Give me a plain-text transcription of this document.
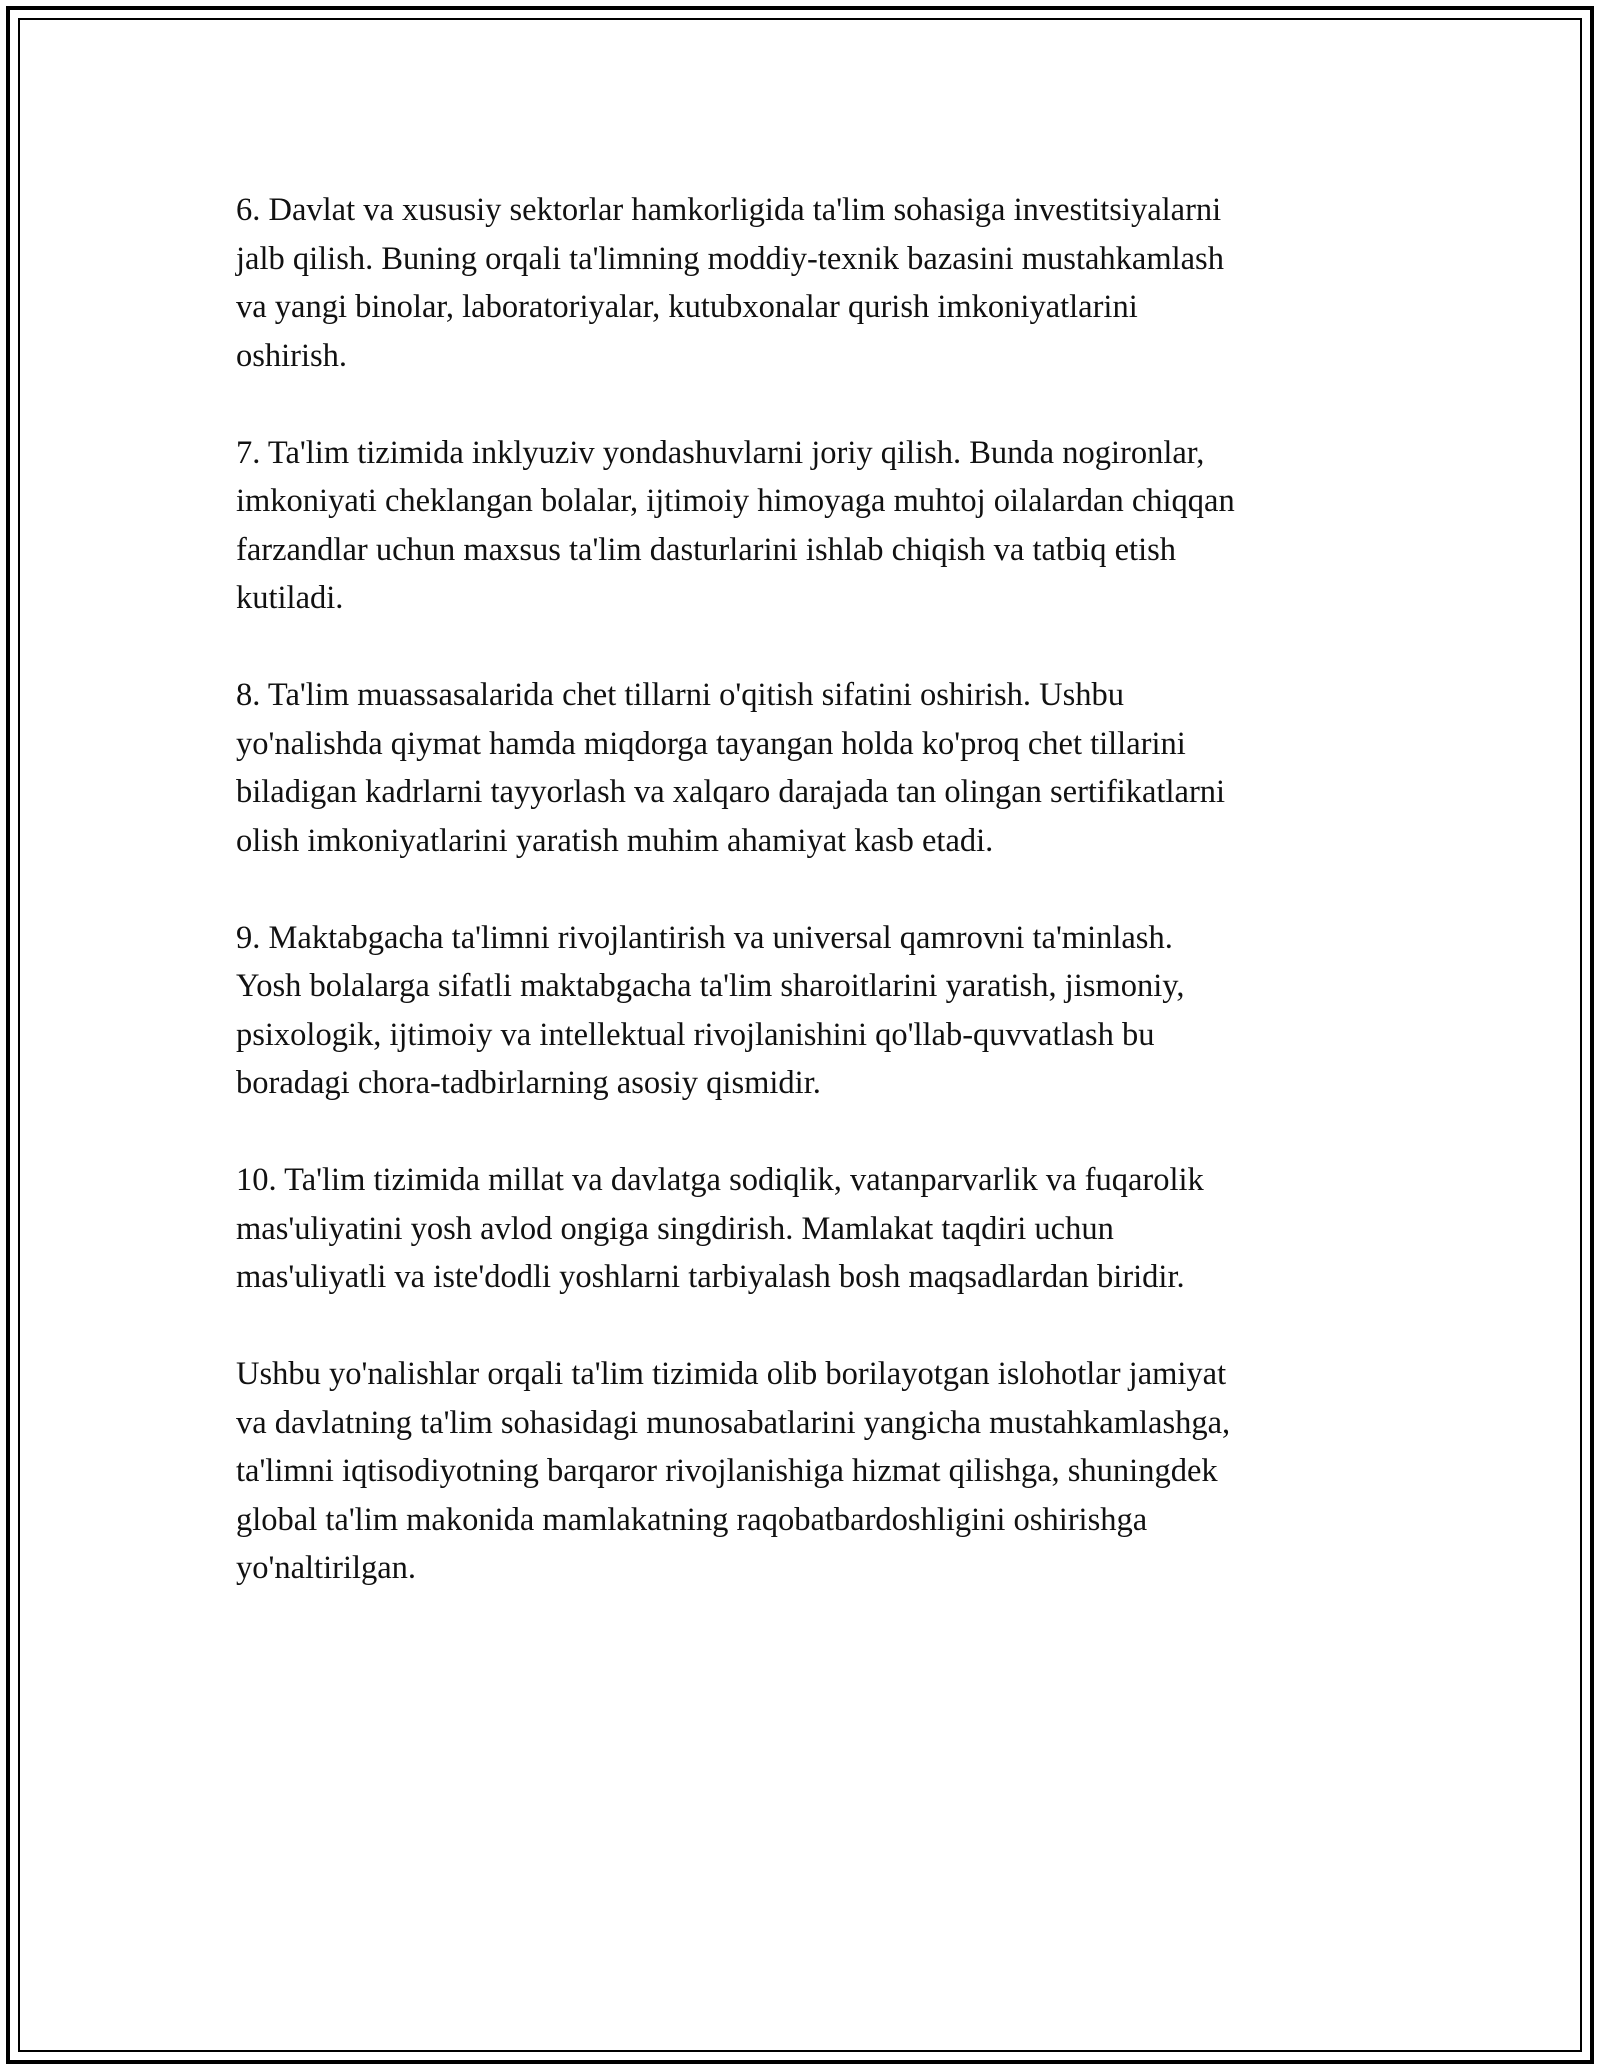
6. Davlat va xususiy sektorlar hamkorligida ta'lim sohasiga investitsiyalarni
jalb qilish. Buning orqali ta'limning moddiy-texnik bazasini mustahkamlash
va yangi binolar, laboratoriyalar, kutubxonalar qurish imkoniyatlarini
oshirish.

7. Ta'lim tizimida inklyuziv yondashuvlarni joriy qilish. Bunda nogironlar,
imkoniyati cheklangan bolalar, ijtimoiy himoyaga muhtoj oilalardan chiqqan
farzandlar uchun maxsus ta'lim dasturlarini ishlab chiqish va tatbiq etish
kutiladi.

8. Ta'lim muassasalarida chet tillarni o'qitish sifatini oshirish. Ushbu
yo'nalishda qiymat hamda miqdorga tayangan holda ko'proq chet tillarini
biladigan kadrlarni tayyorlash va xalqaro darajada tan olingan sertifikatlarni
olish imkoniyatlarini yaratish muhim ahamiyat kasb etadi.

9. Maktabgacha ta'limni rivojlantirish va universal qamrovni ta'minlash.
Yosh bolalarga sifatli maktabgacha ta'lim sharoitlarini yaratish, jismoniy,
psixologik, ijtimoiy va intellektual rivojlanishini qo'llab-quvvatlash bu
boradagi chora-tadbirlarning asosiy qismidir.

10. Ta'lim tizimida millat va davlatga sodiqlik, vatanparvarlik va fuqarolik
mas'uliyatini yosh avlod ongiga singdirish. Mamlakat taqdiri uchun
mas'uliyatli va iste'dodli yoshlarni tarbiyalash bosh maqsadlardan biridir.

Ushbu yo'nalishlar orqali ta'lim tizimida olib borilayotgan islohotlar jamiyat
va davlatning ta'lim sohasidagi munosabatlarini yangicha mustahkamlashga,
ta'limni iqtisodiyotning barqaror rivojlanishiga hizmat qilishga, shuningdek
global ta'lim makonida mamlakatning raqobatbardoshligini oshirishga
yo'naltirilgan.
